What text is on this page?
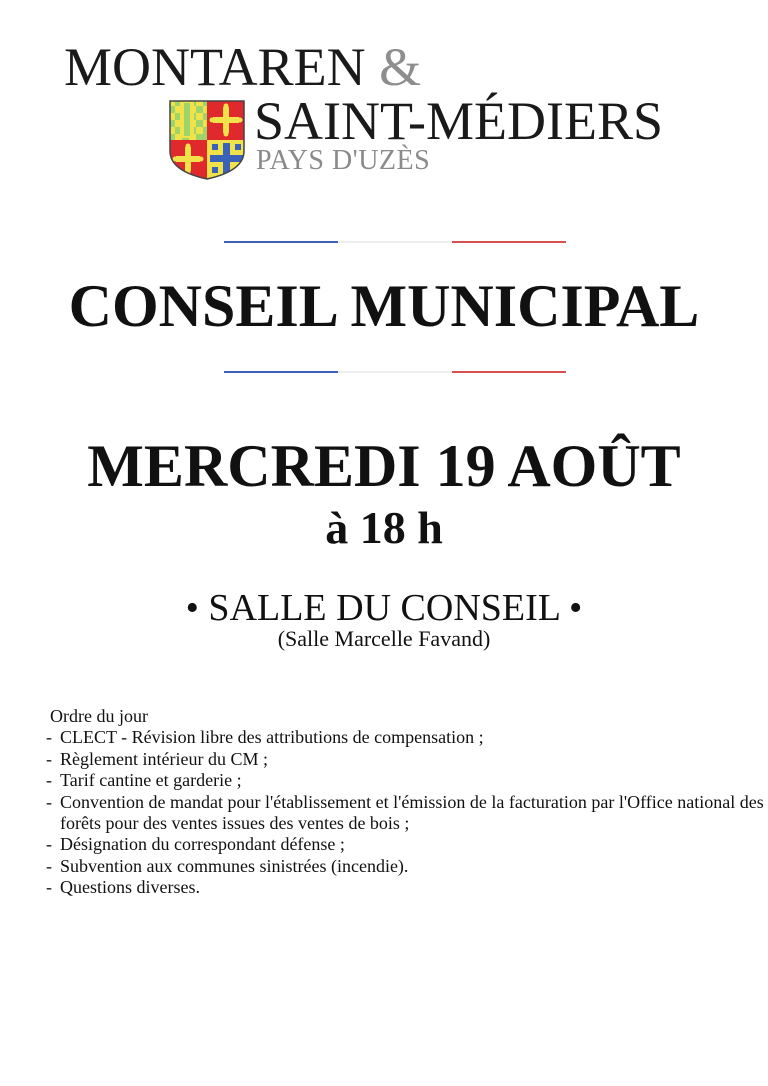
MONTAREN &
SAINT-MÉDIERS
PAYS D'UZÈS
CONSEIL MUNICIPAL
MERCREDI 19 AOÛT
à 18 h
• SALLE DU CONSEIL •
(Salle Marcelle Favand)
Ordre du jour
- CLECT - Révision libre des attributions de compensation ;
- Règlement intérieur du CM ;
- Tarif cantine et garderie ;
- Convention de mandat pour l'établissement et l'émission de la facturation par l'Office national des forêts pour des ventes issues des ventes de bois ;
- Désignation du correspondant défense ;
- Subvention aux communes sinistrées (incendie).
- Questions diverses.
